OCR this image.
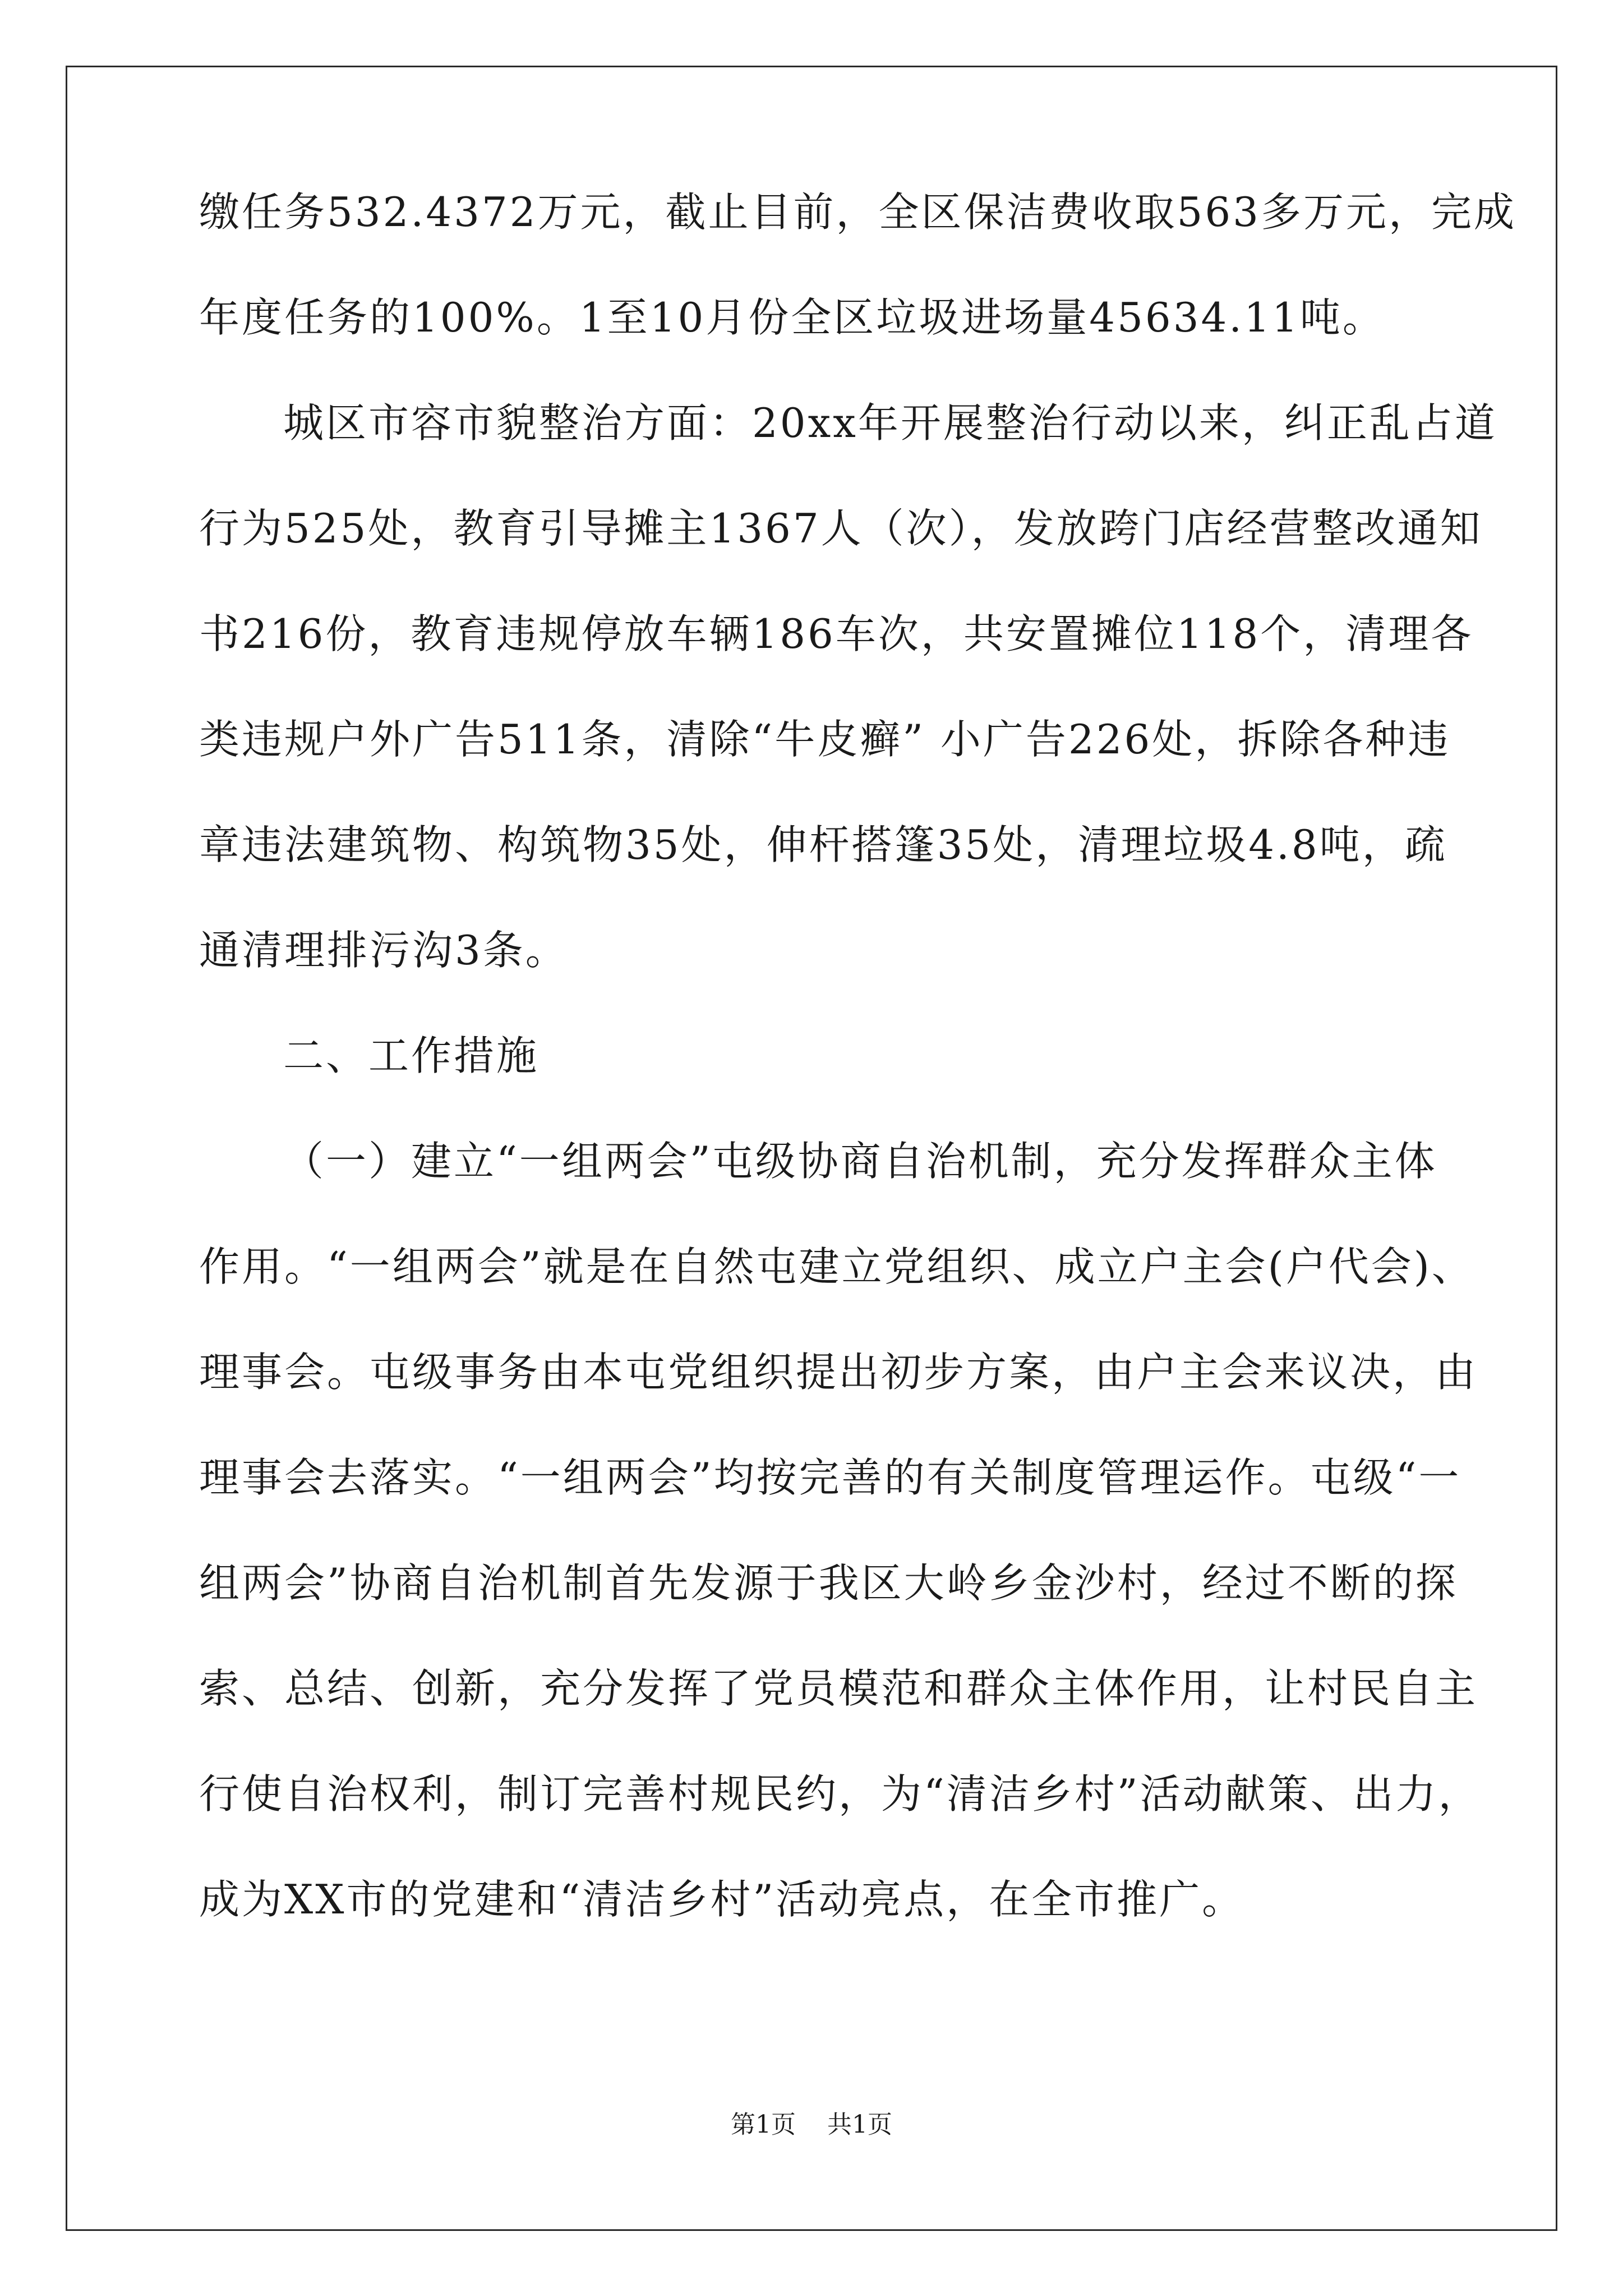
缴任务532.4372万元，截止目前，全区保洁费收取563多万元，完成
年度任务的100%。1至10月份全区垃圾进场量45634.11吨。
城区市容市貌整治方面：20xx年开展整治行动以来，纠正乱占道
行为525处，教育引导摊主1367人（次），发放跨门店经营整改通知
书216份，教育违规停放车辆186车次，共安置摊位118个，清理各
类违规户外广告511条，清除“牛皮癣” 小广告226处，拆除各种违
章违法建筑物、构筑物35处，伸杆搭篷35处，清理垃圾4.8吨，疏
通清理排污沟3条。
二、工作措施
（一）建立“一组两会”屯级协商自治机制，充分发挥群众主体
作用。“一组两会”就是在自然屯建立党组织、成立户主会(户代会)、
理事会。屯级事务由本屯党组织提出初步方案，由户主会来议决，由
理事会去落实。“一组两会”均按完善的有关制度管理运作。屯级“一
组两会”协商自治机制首先发源于我区大岭乡金沙村，经过不断的探
索、总结、创新，充分发挥了党员模范和群众主体作用，让村民自主
行使自治权利，制订完善村规民约，为“清洁乡村”活动献策、出力，
成为XX市的党建和“清洁乡村”活动亮点，在全市推广。
第1页 共1页
